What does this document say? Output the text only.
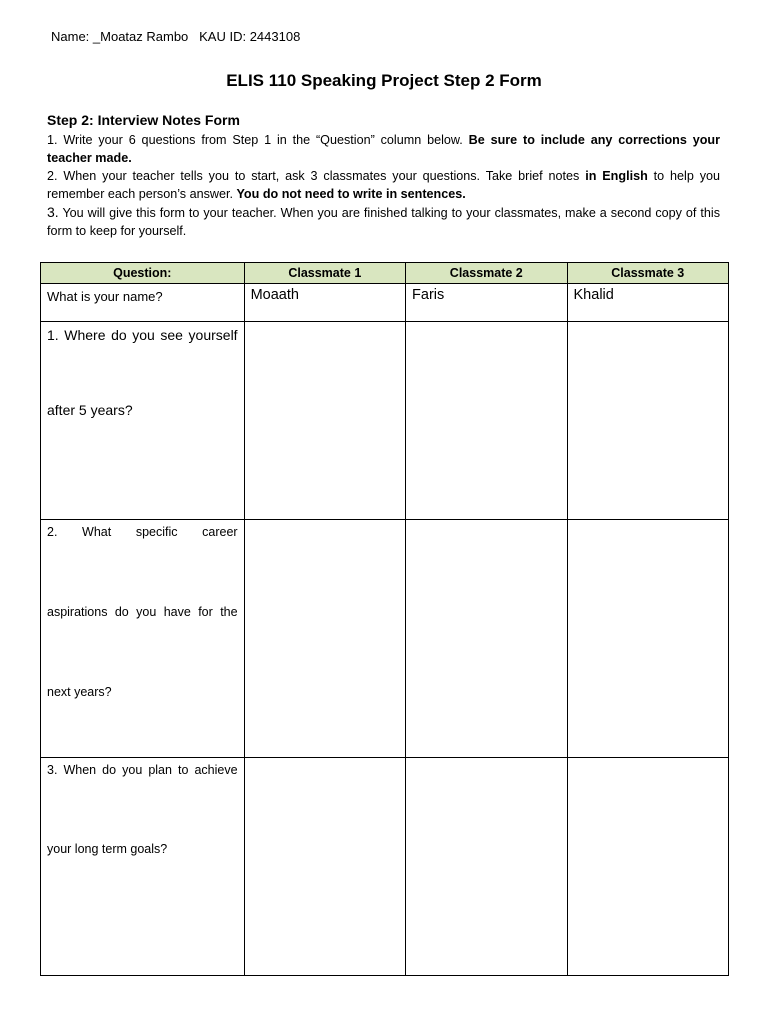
Name: _Moataz Rambo KAU ID: 2443108
ELIS 110 Speaking Project Step 2 Form
Step 2: Interview Notes Form

1. Write your 6 questions from Step 1 in the “Question” column below. Be sure to include any corrections your teacher made.

2. When your teacher tells you to start, ask 3 classmates your questions. Take brief notes in English to help you remember each person’s answer. You do not need to write in sentences.

3. You will give this form to your teacher. When you are finished talking to your classmates, make a second copy of this form to keep for yourself.

Question:	Classmate 1	Classmate 2	Classmate 3

What is your name?	Moaath	Faris	Khalid

1. Where do you see yourself after 5 years?			

2. What specific career aspirations do you have for the next years?			

3. When do you plan to achieve your long term goals?			
